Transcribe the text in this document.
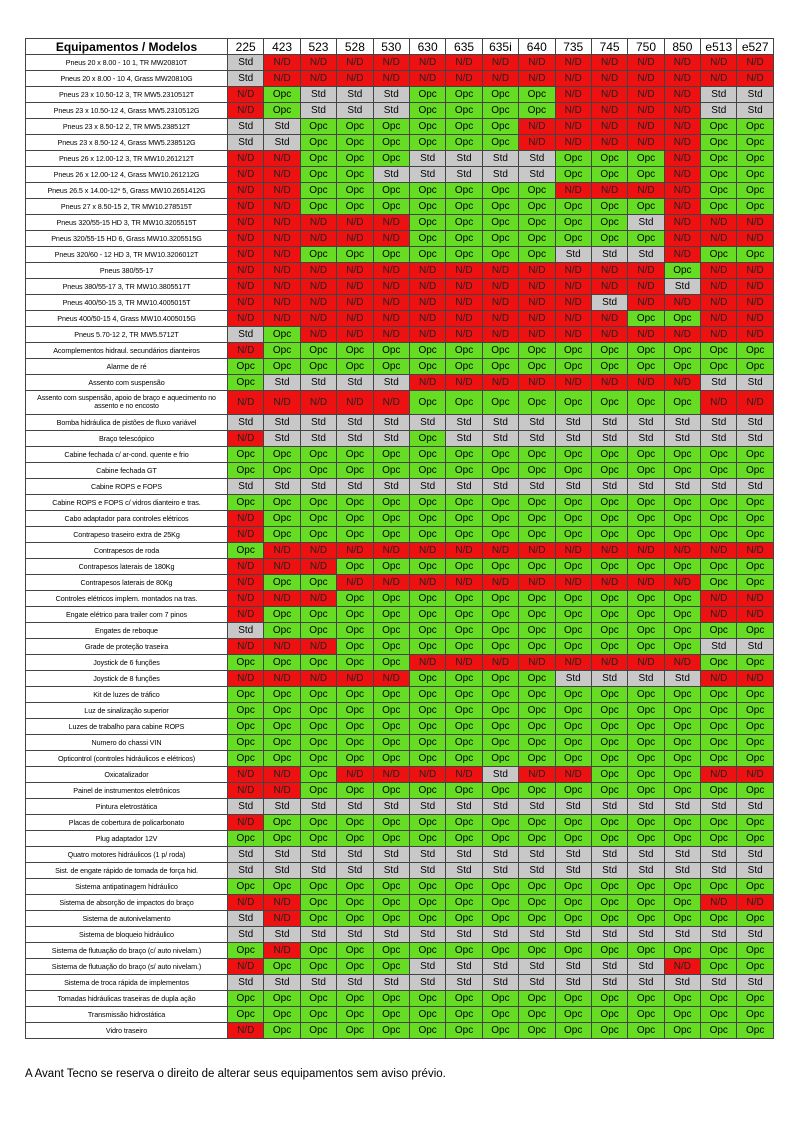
Equipamentos / Modelos	225	423	523	528	530	630	635	635i	640	735	745	750	850	e513	e527
Pneus 20 x 8.00 - 10 1, TR MW20810T	Std	N/D	N/D	N/D	N/D	N/D	N/D	N/D	N/D	N/D	N/D	N/D	N/D	N/D	N/D
Pneus 20 x 8.00 - 10 4, Grass MW20810G	Std	N/D	N/D	N/D	N/D	N/D	N/D	N/D	N/D	N/D	N/D	N/D	N/D	N/D	N/D
Pneus 23 x 10.50-12 3, TR MW5.2310512T	N/D	Opc	Std	Std	Std	Opc	Opc	Opc	Opc	N/D	N/D	N/D	N/D	Std	Std
Pneus 23 x 10.50-12 4, Grass MW5.2310512G	N/D	Opc	Std	Std	Std	Opc	Opc	Opc	Opc	N/D	N/D	N/D	N/D	Std	Std
Pneus 23 x 8.50-12 2, TR MW5.238512T	Std	Std	Opc	Opc	Opc	Opc	Opc	Opc	N/D	N/D	N/D	N/D	N/D	Opc	Opc
Pneus 23 x 8.50-12 4, Grass MW5.238512G	Std	Std	Opc	Opc	Opc	Opc	Opc	Opc	N/D	N/D	N/D	N/D	N/D	Opc	Opc
Pneus 26 x 12.00-12 3, TR MW10.261212T	N/D	N/D	Opc	Opc	Opc	Std	Std	Std	Std	Opc	Opc	Opc	N/D	Opc	Opc
Pneus 26 x 12.00-12 4, Grass MW10.261212G	N/D	N/D	Opc	Opc	Std	Std	Std	Std	Std	Opc	Opc	Opc	N/D	Opc	Opc
Pneus 26.5 x 14.00-12* 5, Grass MW10.2651412G	N/D	N/D	Opc	Opc	Opc	Opc	Opc	Opc	Opc	N/D	N/D	N/D	N/D	Opc	Opc
Pneus 27 x 8.50-15 2, TR MW10.278515T	N/D	N/D	Opc	Opc	Opc	Opc	Opc	Opc	Opc	Opc	Opc	Opc	N/D	Opc	Opc
Pneus 320/55-15 HD 3, TR MW10.3205515T	N/D	N/D	N/D	N/D	N/D	Opc	Opc	Opc	Opc	Opc	Opc	Std	N/D	N/D	N/D
Pneus 320/55-15 HD 6, Grass MW10.3205515G	N/D	N/D	N/D	N/D	N/D	Opc	Opc	Opc	Opc	Opc	Opc	Opc	N/D	N/D	N/D
Pneus 320/60 - 12 HD 3, TR MW10.3206012T	N/D	N/D	Opc	Opc	Opc	Opc	Opc	Opc	Opc	Std	Std	Std	N/D	Opc	Opc
Pneus 380/55-17	N/D	N/D	N/D	N/D	N/D	N/D	N/D	N/D	N/D	N/D	N/D	N/D	Opc	N/D	N/D
Pneus 380/55-17 3, TR MW10.3805517T	N/D	N/D	N/D	N/D	N/D	N/D	N/D	N/D	N/D	N/D	N/D	N/D	Std	N/D	N/D
Pneus 400/50-15 3, TR MW10.4005015T	N/D	N/D	N/D	N/D	N/D	N/D	N/D	N/D	N/D	N/D	Std	N/D	N/D	N/D	N/D
Pneus 400/50-15 4, Grass MW10.4005015G	N/D	N/D	N/D	N/D	N/D	N/D	N/D	N/D	N/D	N/D	N/D	Opc	Opc	N/D	N/D
Pneus 5.70-12 2, TR MW5.5712T	Std	Opc	N/D	N/D	N/D	N/D	N/D	N/D	N/D	N/D	N/D	N/D	N/D	N/D	N/D
Acomplementos hidraul. secundários dianteiros	N/D	Opc	Opc	Opc	Opc	Opc	Opc	Opc	Opc	Opc	Opc	Opc	Opc	Opc	Opc
Alarme de ré	Opc	Opc	Opc	Opc	Opc	Opc	Opc	Opc	Opc	Opc	Opc	Opc	Opc	Opc	Opc
Assento com suspensão	Opc	Std	Std	Std	Std	N/D	N/D	N/D	N/D	N/D	N/D	N/D	N/D	Std	Std
Assento com suspensão, apoio de braço e aquecimento no assento e no encosto	N/D	N/D	N/D	N/D	N/D	Opc	Opc	Opc	Opc	Opc	Opc	Opc	Opc	N/D	N/D
Bomba hidráulica de pistões de fluxo variável	Std	Std	Std	Std	Std	Std	Std	Std	Std	Std	Std	Std	Std	Std	Std
Braço telescópico	N/D	Std	Std	Std	Std	Opc	Std	Std	Std	Std	Std	Std	Std	Std	Std
Cabine fechada c/ ar-cond. quente e frio	Opc	Opc	Opc	Opc	Opc	Opc	Opc	Opc	Opc	Opc	Opc	Opc	Opc	Opc	Opc
Cabine fechada GT	Opc	Opc	Opc	Opc	Opc	Opc	Opc	Opc	Opc	Opc	Opc	Opc	Opc	Opc	Opc
Cabine ROPS e FOPS	Std	Std	Std	Std	Std	Std	Std	Std	Std	Std	Std	Std	Std	Std	Std
Cabine ROPS e FOPS c/ vidros dianteiro e tras.	Opc	Opc	Opc	Opc	Opc	Opc	Opc	Opc	Opc	Opc	Opc	Opc	Opc	Opc	Opc
Cabo adaptador para controles elétricos	N/D	Opc	Opc	Opc	Opc	Opc	Opc	Opc	Opc	Opc	Opc	Opc	Opc	Opc	Opc
Contrapeso traseiro extra de 25Kg	N/D	Opc	Opc	Opc	Opc	Opc	Opc	Opc	Opc	Opc	Opc	Opc	Opc	Opc	Opc
Contrapesos de roda	Opc	N/D	N/D	N/D	N/D	N/D	N/D	N/D	N/D	N/D	N/D	N/D	N/D	N/D	N/D
Contrapesos laterais de 180Kg	N/D	N/D	N/D	Opc	Opc	Opc	Opc	Opc	Opc	Opc	Opc	Opc	Opc	Opc	Opc
Contrapesos laterais de 80Kg	N/D	Opc	Opc	N/D	N/D	N/D	N/D	N/D	N/D	N/D	N/D	N/D	N/D	Opc	Opc
Controles elétricos implem. montados na tras.	N/D	N/D	N/D	Opc	Opc	Opc	Opc	Opc	Opc	Opc	Opc	Opc	Opc	N/D	N/D
Engate elétrico para trailer com 7 pinos	N/D	Opc	Opc	Opc	Opc	Opc	Opc	Opc	Opc	Opc	Opc	Opc	Opc	N/D	N/D
Engates de reboque	Std	Opc	Opc	Opc	Opc	Opc	Opc	Opc	Opc	Opc	Opc	Opc	Opc	Opc	Opc
Grade de proteção traseira	N/D	N/D	N/D	Opc	Opc	Opc	Opc	Opc	Opc	Opc	Opc	Opc	Opc	Std	Std
Joystick de 6 funções	Opc	Opc	Opc	Opc	Opc	N/D	N/D	N/D	N/D	N/D	N/D	N/D	N/D	Opc	Opc
Joystick de 8 funções	N/D	N/D	N/D	N/D	N/D	Opc	Opc	Opc	Opc	Std	Std	Std	Std	N/D	N/D
Kit de luzes de tráfico	Opc	Opc	Opc	Opc	Opc	Opc	Opc	Opc	Opc	Opc	Opc	Opc	Opc	Opc	Opc
Luz de sinalização superior	Opc	Opc	Opc	Opc	Opc	Opc	Opc	Opc	Opc	Opc	Opc	Opc	Opc	Opc	Opc
Luzes de trabalho para cabine ROPS	Opc	Opc	Opc	Opc	Opc	Opc	Opc	Opc	Opc	Opc	Opc	Opc	Opc	Opc	Opc
Numero do chassi VIN	Opc	Opc	Opc	Opc	Opc	Opc	Opc	Opc	Opc	Opc	Opc	Opc	Opc	Opc	Opc
Opticontrol (controles hidráulicos e elétricos)	Opc	Opc	Opc	Opc	Opc	Opc	Opc	Opc	Opc	Opc	Opc	Opc	Opc	Opc	Opc
Oxicatalizador	N/D	N/D	Opc	N/D	N/D	N/D	N/D	Std	N/D	N/D	Opc	Opc	Opc	N/D	N/D
Painel de instrumentos eletrônicos	N/D	N/D	Opc	Opc	Opc	Opc	Opc	Opc	Opc	Opc	Opc	Opc	Opc	Opc	Opc
Pintura eletrostática	Std	Std	Std	Std	Std	Std	Std	Std	Std	Std	Std	Std	Std	Std	Std
Placas de cobertura de policarbonato	N/D	Opc	Opc	Opc	Opc	Opc	Opc	Opc	Opc	Opc	Opc	Opc	Opc	Opc	Opc
Plug adaptador 12V	Opc	Opc	Opc	Opc	Opc	Opc	Opc	Opc	Opc	Opc	Opc	Opc	Opc	Opc	Opc
Quatro motores hidráulicos (1 p/ roda)	Std	Std	Std	Std	Std	Std	Std	Std	Std	Std	Std	Std	Std	Std	Std
Sist. de engate rápido de tomada de força hid.	Std	Std	Std	Std	Std	Std	Std	Std	Std	Std	Std	Std	Std	Std	Std
Sistema antipatinagem hidráulico	Opc	Opc	Opc	Opc	Opc	Opc	Opc	Opc	Opc	Opc	Opc	Opc	Opc	Opc	Opc
Sistema de absorção de impactos do braço	N/D	N/D	Opc	Opc	Opc	Opc	Opc	Opc	Opc	Opc	Opc	Opc	Opc	N/D	N/D
Sistema de autonivelamento	Std	N/D	Opc	Opc	Opc	Opc	Opc	Opc	Opc	Opc	Opc	Opc	Opc	Opc	Opc
Sistema de bloqueio hidráulico	Std	Std	Std	Std	Std	Std	Std	Std	Std	Std	Std	Std	Std	Std	Std
Sistema de flutuação do braço (c/ auto nivelam.)	Opc	N/D	Opc	Opc	Opc	Opc	Opc	Opc	Opc	Opc	Opc	Opc	Opc	Opc	Opc
Sistema de flutuação do braço (s/ auto nivelam.)	N/D	Opc	Opc	Opc	Opc	Std	Std	Std	Std	Std	Std	Std	N/D	Opc	Opc
Sistema de troca rápida de implementos	Std	Std	Std	Std	Std	Std	Std	Std	Std	Std	Std	Std	Std	Std	Std
Tomadas hidráulicas traseiras de dupla ação	Opc	Opc	Opc	Opc	Opc	Opc	Opc	Opc	Opc	Opc	Opc	Opc	Opc	Opc	Opc
Transmissão hidrostática	Opc	Opc	Opc	Opc	Opc	Opc	Opc	Opc	Opc	Opc	Opc	Opc	Opc	Opc	Opc
Vidro traseiro	N/D	Opc	Opc	Opc	Opc	Opc	Opc	Opc	Opc	Opc	Opc	Opc	Opc	Opc	Opc
A Avant Tecno se reserva o direito de alterar seus equipamentos sem aviso prévio.
